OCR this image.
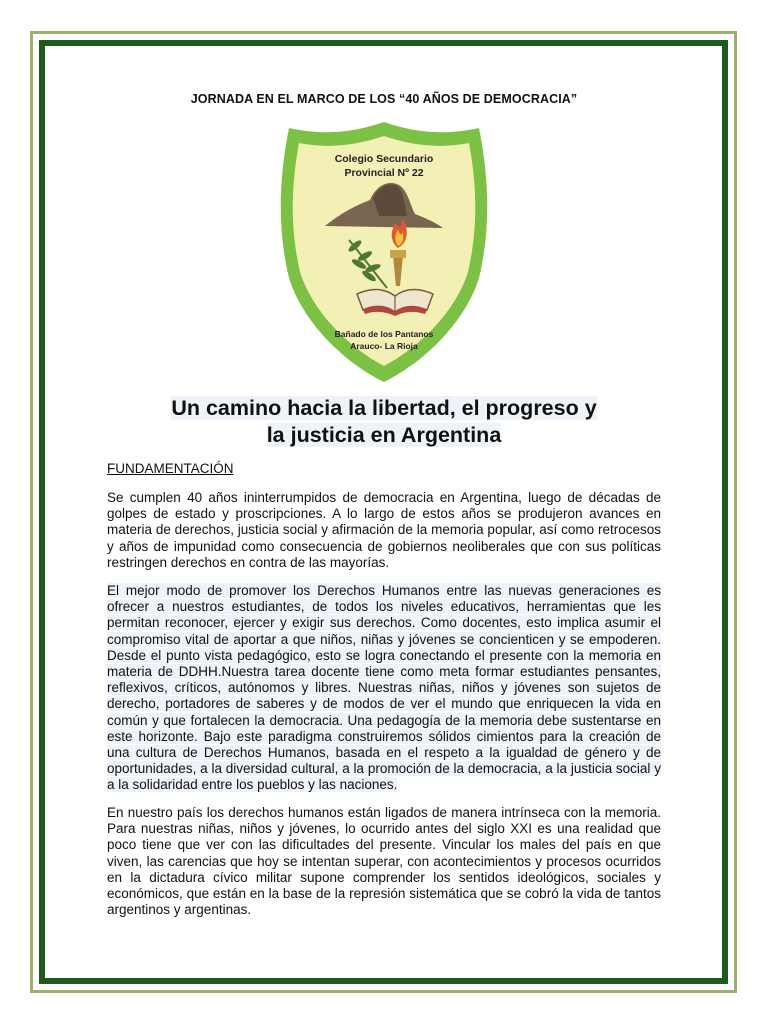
JORNADA EN EL MARCO DE LOS “40 AÑOS DE DEMOCRACIA”
Colegio Secundario
Provincial Nº 22
Bañado de los Pantanos
Arauco- La Rioja
Un camino hacia la libertad, el progreso y
la justicia en Argentina
FUNDAMENTACIÓN

Se cumplen 40 años ininterrumpidos de democracia en Argentina, luego de décadas de golpes de estado y proscripciones. A lo largo de estos años se produjeron avances en materia de derechos, justicia social y afirmación de la memoria popular, así como retrocesos y años de impunidad como consecuencia de gobiernos neoliberales que con sus políticas restringen derechos en contra de las mayorías.

El mejor modo de promover los Derechos Humanos entre las nuevas generaciones es ofrecer a nuestros estudiantes, de todos los niveles educativos, herramientas que les permitan reconocer, ejercer y exigir sus derechos. Como docentes, esto implica asumir el compromiso vital de aportar a que niños, niñas y jóvenes se concienticen y se empoderen. Desde el punto vista pedagógico, esto se logra conectando el presente con la memoria en materia de DDHH.Nuestra tarea docente tiene como meta formar estudiantes pensantes, reflexivos, críticos, autónomos y libres. Nuestras niñas, niños y jóvenes son sujetos de derecho, portadores de saberes y de modos de ver el mundo que enriquecen la vida en común y que fortalecen la democracia. Una pedagogía de la memoria debe sustentarse en este horizonte. Bajo este paradigma construiremos sólidos cimientos para la creación de una cultura de Derechos Humanos, basada en el respeto a la igualdad de género y de oportunidades, a la diversidad cultural, a la promoción de la democracia, a la justicia social y a la solidaridad entre los pueblos y las naciones.

En nuestro país los derechos humanos están ligados de manera intrínseca con la memoria. Para nuestras niñas, niños y jóvenes, lo ocurrido antes del siglo XXI es una realidad que poco tiene que ver con las dificultades del presente. Vincular los males del país en que viven, las carencias que hoy se intentan superar, con acontecimientos y procesos ocurridos en la dictadura cívico militar supone comprender los sentidos ideológicos, sociales y económicos, que están en la base de la represión sistemática que se cobró la vida de tantos argentinos y argentinas.
